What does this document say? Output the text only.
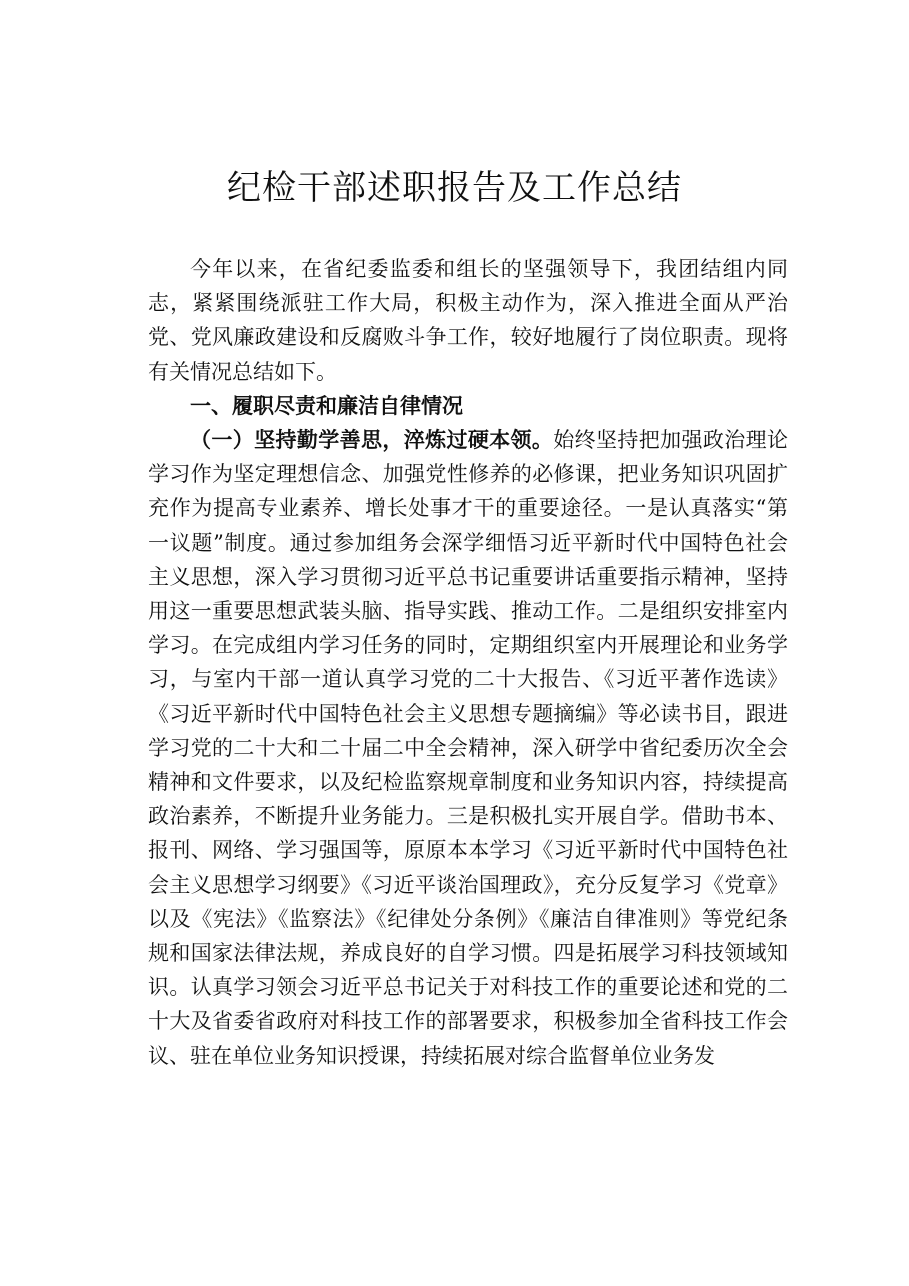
纪检干部述职报告及工作总结

今年以来，在省纪委监委和组长的坚强领导下，我团结组内同志，紧紧围绕派驻工作大局，积极主动作为，深入推进全面从严治党、党风廉政建设和反腐败斗争工作，较好地履行了岗位职责。现将有关情况总结如下。

一、履职尽责和廉洁自律情况

（一）坚持勤学善思，淬炼过硬本领。始终坚持把加强政治理论学习作为坚定理想信念、加强党性修养的必修课，把业务知识巩固扩充作为提高专业素养、增长处事才干的重要途径。一是认真落实“第一议题”制度。通过参加组务会深学细悟习近平新时代中国特色社会主义思想，深入学习贯彻习近平总书记重要讲话重要指示精神，坚持用这一重要思想武装头脑、指导实践、推动工作。二是组织安排室内学习。在完成组内学习任务的同时，定期组织室内开展理论和业务学习，与室内干部一道认真学习党的二十大报告、《习近平著作选读》《习近平新时代中国特色社会主义思想专题摘编》等必读书目，跟进学习党的二十大和二十届二中全会精神，深入研学中省纪委历次全会精神和文件要求，以及纪检监察规章制度和业务知识内容，持续提高政治素养，不断提升业务能力。三是积极扎实开展自学。借助书本、报刊、网络、学习强国等，原原本本学习《习近平新时代中国特色社会主义思想学习纲要》《习近平谈治国理政》，充分反复学习《党章》以及《宪法》《监察法》《纪律处分条例》《廉洁自律准则》等党纪条规和国家法律法规，养成良好的自学习惯。四是拓展学习科技领域知识。认真学习领会习近平总书记关于对科技工作的重要论述和党的二十大及省委省政府对科技工作的部署要求，积极参加全省科技工作会议、驻在单位业务知识授课，持续拓展对综合监督单位业务发
